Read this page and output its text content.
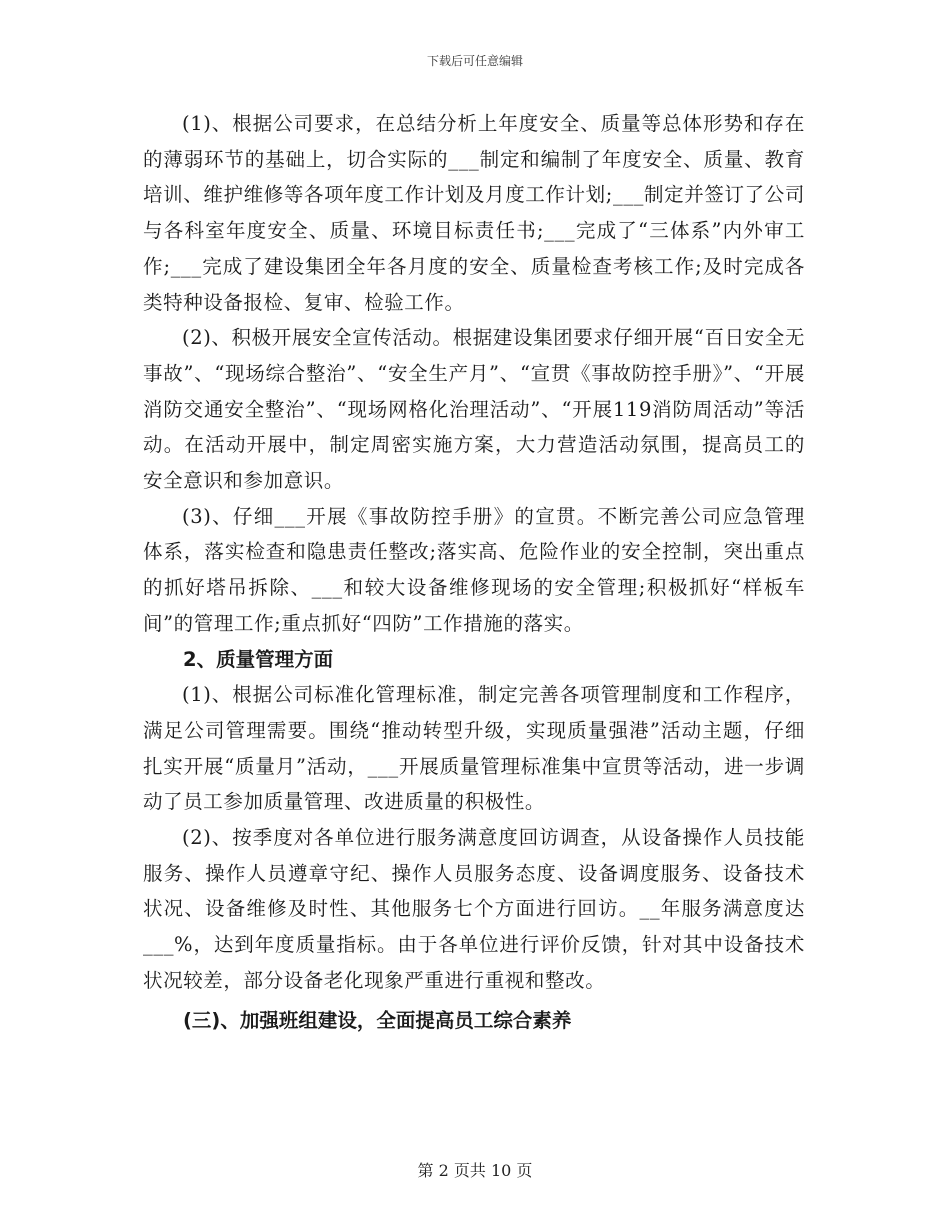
下载后可任意编辑

(1)、根据公司要求，在总结分析上年度安全、质量等总体形势和存在的薄弱环节的基础上，切合实际的___制定和编制了年度安全、质量、教育培训、维护维修等各项年度工作计划及月度工作计划;___制定并签订了公司与各科室年度安全、质量、环境目标责任书;___完成了“三体系”内外审工作;___完成了建设集团全年各月度的安全、质量检查考核工作;及时完成各类特种设备报检、复审、检验工作。

(2)、积极开展安全宣传活动。根据建设集团要求仔细开展“百日安全无事故”、“现场综合整治”、“安全生产月”、“宣贯《事故防控手册》”、“开展消防交通安全整治”、“现场网格化治理活动”、“开展119消防周活动”等活动。在活动开展中，制定周密实施方案，大力营造活动氛围，提高员工的安全意识和参加意识。

(3)、仔细___开展《事故防控手册》的宣贯。不断完善公司应急管理体系，落实检查和隐患责任整改;落实高、危险作业的安全控制，突出重点的抓好塔吊拆除、___和较大设备维修现场的安全管理;积极抓好“样板车间”的管理工作;重点抓好“四防”工作措施的落实。

2、质量管理方面

(1)、根据公司标准化管理标准，制定完善各项管理制度和工作程序，满足公司管理需要。围绕“推动转型升级，实现质量强港”活动主题，仔细扎实开展“质量月”活动，___开展质量管理标准集中宣贯等活动，进一步调动了员工参加质量管理、改进质量的积极性。

(2)、按季度对各单位进行服务满意度回访调查，从设备操作人员技能服务、操作人员遵章守纪、操作人员服务态度、设备调度服务、设备技术状况、设备维修及时性、其他服务七个方面进行回访。__年服务满意度达___%，达到年度质量指标。由于各单位进行评价反馈，针对其中设备技术状况较差，部分设备老化现象严重进行重视和整改。

(三)、加强班组建设，全面提高员工综合素养

第 2 页共 10 页
